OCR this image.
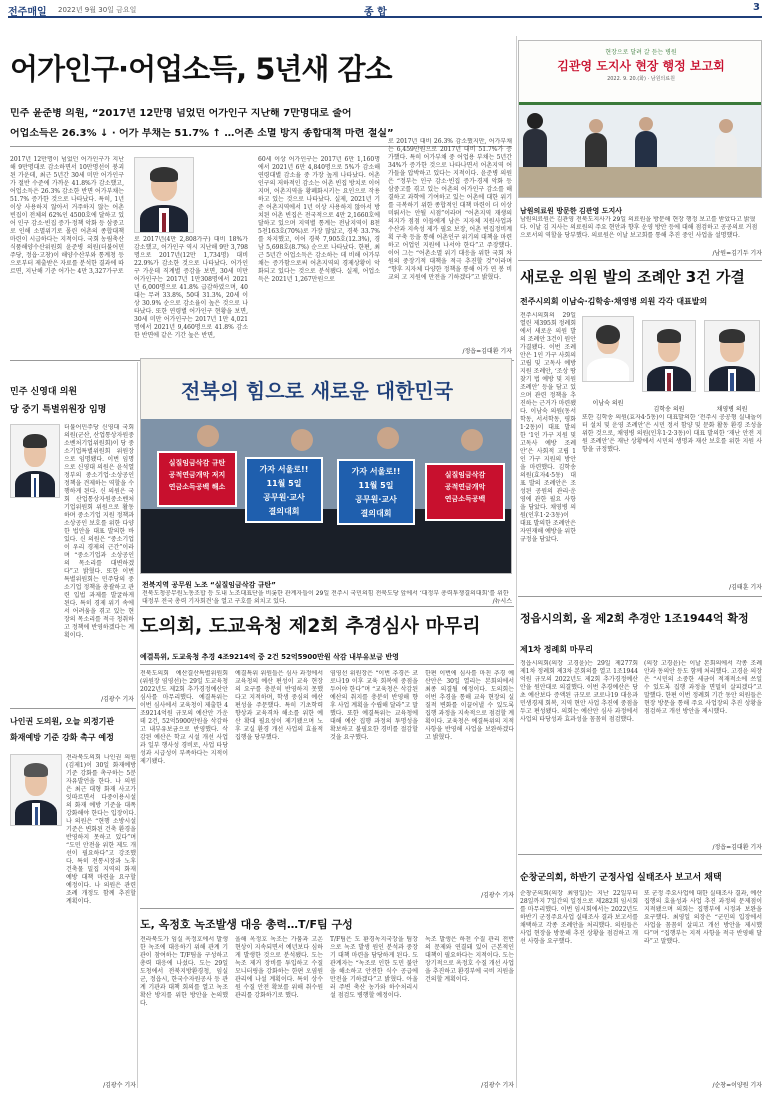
전주매일 2022년 9월 30일 금요일	종 합	3
어가인구·어업소득, 5년새 감소
민주 윤준병 의원, “2017년 12만명 넘었던 어가인구 지난해 7만명대로 줄어
어업소득은 26.3% ↓ · 어가 부채는 51.7% ↑ …어촌 소멸 방지 종합대책 마련 절실”
2017년 12만명이 넘었던 어가인구가 지난해 9만명대로 감소하면서 10만명선이 붕괴된 가운데, 최근 5년간 30세 미만 어가인구가 절반 수준에 가까운 41.8%가 감소했고, 어업소득은 26.3% 감소한 반면 어가부채는 51.7% 증가한 것으로 나타났다. 특히, 1년 이상 사용하지 않아서 거주하지 않는 어촌 빈집이 전체의 62%인 4500호에 달하고 있어 인구 감소·빈집 증가·정책 악화 등 삼중고로 인해 소멸위기로 몰린 어촌의 종합대책 마련이 시급하다는 지적이다. 국회 농림축산식품해양수산위원회 윤준병 의원(더불어민주당, 정읍·고창)이 해양수산부와 통계청 등으로부터 제출받은 자료를 분석한 결과에 따르면, 지난해 기준 어가는 4만 3,327가구로
로 2017년(4만 2,808가구) 대비 18%가 감소했고, 어가인구 역시 지난해 9만 3,798명으로 2017년(12만 1,734명) 대비 22.9%가 감소한 것으로 나타났다. 어가인구 가운데 직계별 증감을 보면, 30세 미만 어가인구는 2017년 1만308명에서 2021년 6,000명으로 41.8% 급감하였으며, 40대는 무려 33.8%, 50대 31.3%, 20세 이상 30.9% 순으로 감소율이 높은 것으로 나타났다. 또한 연령별 어가인구 현황을 보면, 30세 미만 어가인구는 2017년 1만 4,021명에서 2021년 9,460명으로 41.8% 감소한 반면에 같은 기간 높은 반면,
60세 이상 어가인구는 2017년 6만 1,160명에서 2021년 6만 4,840명으로 5%가 감소해 연령대별 감소율 중 가장 높게 나타났다. 어촌인구의 저하적인 감소는 어촌 빈집 방치로 이어지며, 어촌지역을 황폐화시키는 요인으로 작용하고 있는 것으로 나타났다. 실제, 2021년 기준 어촌지역에서 1년 이상 사용하지 않아서 방치된 어촌 빈집은 전국적으로 4만 2,1660호에 달하고 있으며 지역별 통계는 전남지역이 8천 5천163호(70%)로 가장 많았고, 경북 33.7%를 차지했고, 이어 경북 7,905호(12.3%), 경남 5,698호(8.7%) 순으로 나타났다. 한편, 최근 5년간 어업소득은 감소하는 데 비해 어가부채는 증가함으로써 어촌지역의 경제상황이 악화되고 있다는 것으로 분석됐다. 실제, 어업소득은 2021년 1,267만원으로
로 2017년 대비 26.3% 감소했지만, 어가부채는 6,459만원으로 2017년 대비 51.7%가 증가했다. 특히 어가부채 중 어업용 부채는 5년간 34%가 증가한 것으로 나타나면서 어촌지역 어가들을 압박하고 있다는 지적이다. 윤준병 의원은 “정부는 인구 감소·빈집 증가·경제 악화 등 삼중고를 겪고 있는 어촌의 어가인구 감소를 해결하고 과학에 기여하고 있는 어촌에 대한 위기를 극복하기 위한 종합적인 대책 마련이 더 이상 미뤄서는 안될 시점”이라며 “어촌지역 재생의 의지가 점점 이들에게 남은 지자체 지원사업과 수산과 지속성 제가 필요 보장, 어촌 빈집정비계획 구축 등을 통해 어촌인구 위기의 대책을 마련하고 어업인 지원에 나서야 한다”고 주장했다. 이어 그는 “어촌소멸 위기 대응을 위한 국회 차원의 중장기적 대책을 적극 추진할 것”이라며 “향후 지자체 다양한 정책을 통해 어가 연 봉 비교의 고 지원에 만전을 기하겠다”고 밝혔다.
/정읍=김대환 기자
현장으로 달려 갈 듣는 병원
김관영 도지사 현장 행정 보고회
2022. 9. 20.(화) · 남원의료원
남원의료원 방문한 김관영 도지사
남원의료원은 김관영 전북도지사가 29일 의료원을 방문해 현장 행정 보고를 받았다고 밝혔다. 이날 김 지사는 의료원의 주요 현안과 향후 운영 방안 등에 대해 점검하고 공공의료 거점으로서의 역할을 당부했다. 의료원은 이날 보고회를 통해 추진 중인 사업을 설명했다.
/남원=김기두 기자
새로운 의원 발의 조례안 3건 가결
전주시의회 이남숙·김학송·채영병 의원 각각 대표발의
전주시의회의 29일 열린 제395회 정례회에서 새로운 의원 발의 조례안 3건이 원안 가결됐다. 이번 조례안은 1인 가구 사회의 고립 및 고독사 예방 지원 조례안, ‘조상 땅 찾기 법 예방 및 지원 조례안’ 등을 담고 있으며 관련 정책을 추진하는 근거가 마련됐다. 이남숙 의원(동서학동, 서서학동, 평화1·2동)이 대표 발의한 ‘1인 가구 지원 및 고독사 예방 조례안’은 사회적 고립 1인 가구 지원의 방안을 마련했다. 김학송 의원(효자4·5동) 대표 발의 조례안은 조성된 공원의 관리·운영에 관한 필요 사항을 담았다. 채영병 의원(인후1·2·3동)이 대표 발의한 조례안은 자연재해 예방을 위한 규정을 담았다.
이남숙 의원
김학송 의원	채영병 의원
또한 김학송 의원(효자4·5동)이 대표발의한 ‘전주시 공공형 실내놀이터 설치 및 운영 조례안’은 시민 정서 함양 및 문화 활동 환경 조성을 위한 것으로, 채영병 의원(인후1·2·3동)이 대표 발의한 ‘재난 안전 지원 조례안’은 재난 상황에서 시민의 생명과 재산 보호를 위한 지원 사항을 규정했다.
/김태훈 기자
민주 신영대 의원
당 중기 특별위원장 임명
더불어민주당 신영대 국회의원(군산, 산업통상자원중소벤처기업위원회)이 당 중소기업특별위원회 위원장으로 임명됐다. 이번 임명으로 신영대 의원은 윤석열 정부의 중소기업·소상공인 정책을 견제하는 역할을 수행하게 된다. 신 의원은 국회 산업통상자원중소벤처기업위원회 위원으로 활동하며 중소기업 지원 정책과 소상공인 보호를 위한 다양한 법안을 대표 발의한 바 있다. 신 의원은 “중소기업이 우리 경제의 근간”이라며 “중소기업과 소상공인의 목소리를 대변하겠다”고 밝혔다. 또한 이번 특별위원회는 민주당의 중소기업 정책을 총괄하고 관련 입법 과제를 발굴하게 된다. 특히 경제 위기 속에서 어려움을 겪고 있는 현장의 목소리를 적극 청취하고 정책에 반영하겠다는 계획이다.
/김광수 기자
전북의 힘으로 새로운 대한민국
실질임금삭감 규탄
공적연금개악 저지
연금소득공백 해소
가자 서울로!!
11월 5일
공무원·교사
결의대회
가자 서울로!!
11월 5일
공무원·교사
결의대회
실질임금삭감
공적연금개악
연금소득공백
전북지역 공무원 노조 “실질임금삭감 규탄”
전북도청공무원노동조합 등 도내 노조대표단을 비롯한 관계자들이 29일 전주시 국민의힘 전북도당 앞에서 ‘대정부 총력투쟁결의대회’를 위한 대정부 전국 총력 기자회견’을 열고 구호를 외치고 있다.	/뉴시스
도의회, 도교육청 제2회 추경심사 마무리
예결특위, 도교육청 추경 4조9214억 중 2건 52억5900만원 삭감 내부유보금 반영
전북도의회 예산결산특별위원회(위원장 염영선)는 29일 도교육청 2022년도 제2회 추가경정예산안 심사를 마무리했다. 예결특위는 이번 심사에서 교육청이 제출한 4조9214억원 규모의 예산안 가운데 2건, 52억5900만원을 삭감하고 내부유보금으로 반영했다. 삭감된 예산은 학교 시설 개선 사업과 일부 행사성 경비로, 사업 타당성과 시급성이 부족하다는 지적이 제기됐다.
예결특위 위원들은 심사 과정에서 교육청의 예산 편성이 교육 현장의 요구를 충분히 반영하지 못했다고 지적하며, 학생 중심의 예산 편성을 주문했다. 특히 기초학력 향상과 교육격차 해소를 위한 예산 확대 필요성이 제기됐으며 노후 교실 환경 개선 사업의 효율적 집행을 당부했다.
염영선 위원장은 “이번 추경은 코로나19 이후 교육 회복에 중점을 두어야 한다”며 “교육청은 삭감된 예산의 취지를 충분히 반영해 향후 사업 계획을 수립해 달라”고 말했다. 또한 예결특위는 교육청에 대해 예산 집행 과정의 투명성을 확보하고 불필요한 경비를 절감할 것을 요구했다.
한편 이번에 심사를 마친 추경 예산안은 30일 열리는 본회의에서 최종 의결될 예정이다. 도의회는 이번 추경을 통해 교육 현장의 실질적 변화를 이끌어낼 수 있도록 집행 과정을 지속적으로 점검할 계획이다. 교육청은 예결특위의 지적 사항을 반영해 사업을 보완하겠다고 밝혔다.
/김광수 기자
나인권 도의원, 오늘 의정기관
화재예방 기준 강화 촉구 예정
전라북도의회 나인권 의원(김제1)이 30일 화재예방 기준 강화를 촉구하는 5분 자유발언을 한다. 나 의원은 최근 대형 화재 사고가 잇따르면서 다중이용시설의 화재 예방 기준을 대폭 강화해야 한다는 입장이다. 나 의원은 “현행 소방시설 기준은 변화된 건축 환경을 반영하지 못하고 있다”며 “도민 안전을 위한 제도 개선이 필요하다”고 강조했다. 특히 전통시장과 노후 건축물 밀집 지역의 화재 예방 대책 마련을 요구할 예정이다. 나 의원은 관련 조례 개정도 함께 추진할 계획이다.
/김광수 기자
도, 옥정호 녹조발생 대응 총력…T/F팀 구성
전라북도가 임실 옥정호에서 발생한 녹조에 대응하기 위해 관계 기관이 참여하는 T/F팀을 구성하고 총력 대응에 나섰다. 도는 29일 도청에서 전북지방환경청, 임실군, 정읍시, 한국수자원공사 등 관계 기관과 대책 회의를 열고 녹조 확산 방지를 위한 방안을 논의했다.
올해 옥정호 녹조는 가뭄과 고온 현상이 지속되면서 예년보다 심하게 발생한 것으로 분석됐다. 도는 녹조 제거 장비를 투입하고 수질 모니터링을 강화하는 한편 오염원 관리에 나설 계획이다. 특히 상수원 수질 안전 확보를 위해 취수원 관리를 강화하기로 했다.
T/F팀은 도 환경녹지국장을 팀장으로 녹조 발생 원인 분석과 중장기 대책 마련을 담당하게 된다. 도 관계자는 “녹조로 인한 도민 불안을 해소하고 안전한 식수 공급에 만전을 기하겠다”고 밝혔다. 아울러 주변 축산 농가와 하수처리시설 점검도 병행할 예정이다.
녹조 발생은 하천 수질 관리 전반의 문제와 연결돼 있어 근본적인 대책이 필요하다는 지적이다. 도는 장기적으로 옥정호 수질 개선 사업을 추진하고 환경부에 국비 지원을 건의할 계획이다.
/김광수 기자
정읍시의회, 올 제2회 추경안 1조1944억 확정
제1차 정례회 마무리
정읍시의회(의장 고경윤)는 29일 제277회 제1차 정례회 제3차 본회의를 열고 1조1944억원 규모의 2022년도 제2회 추가경정예산안을 원안대로 의결했다. 이번 추경예산은 당초 예산보다 증액된 규모로 코로나19 대응과 민생경제 회복, 지역 현안 사업 추진에 중점을 두고 편성됐다. 의회는 예산안 심사 과정에서 사업의 타당성과 효과성을 꼼꼼히 점검했다.
(의장 고경윤)는 이날 본회의에서 각종 조례안과 동의안 등도 함께 처리했다. 고경윤 의장은 “시민의 소중한 세금이 적재적소에 쓰일 수 있도록 집행 과정을 면밀히 살피겠다”고 말했다. 한편 이번 정례회 기간 동안 의원들은 현장 방문을 통해 주요 사업장의 추진 상황을 점검하고 개선 방안을 제시했다.
/정읍=김대환 기자
순창군의회, 하반기 군정사업 실태조사 보고서 채택
순창군의회(의장 최영일)는 지난 22일부터 28일까지 7일간의 일정으로 제282회 임시회를 마무리했다. 이번 임시회에서는 2022년도 하반기 군정주요사업 실태조사 결과 보고서를 채택하고 각종 조례안을 처리했다. 의원들은 사업 현장을 방문해 추진 상황을 점검하고 개선 사항을 요구했다.
또 군정 주요사업에 대한 실태조사 결과, 예산 집행의 효율성과 사업 추진 과정의 문제점이 지적됐으며 의회는 집행부에 시정과 보완을 요구했다. 최영일 의장은 “군민의 입장에서 사업을 꼼꼼히 살피고 개선 방안을 제시했다”며 “집행부는 지적 사항을 적극 반영해 달라”고 말했다.
/순창=이양원 기자
